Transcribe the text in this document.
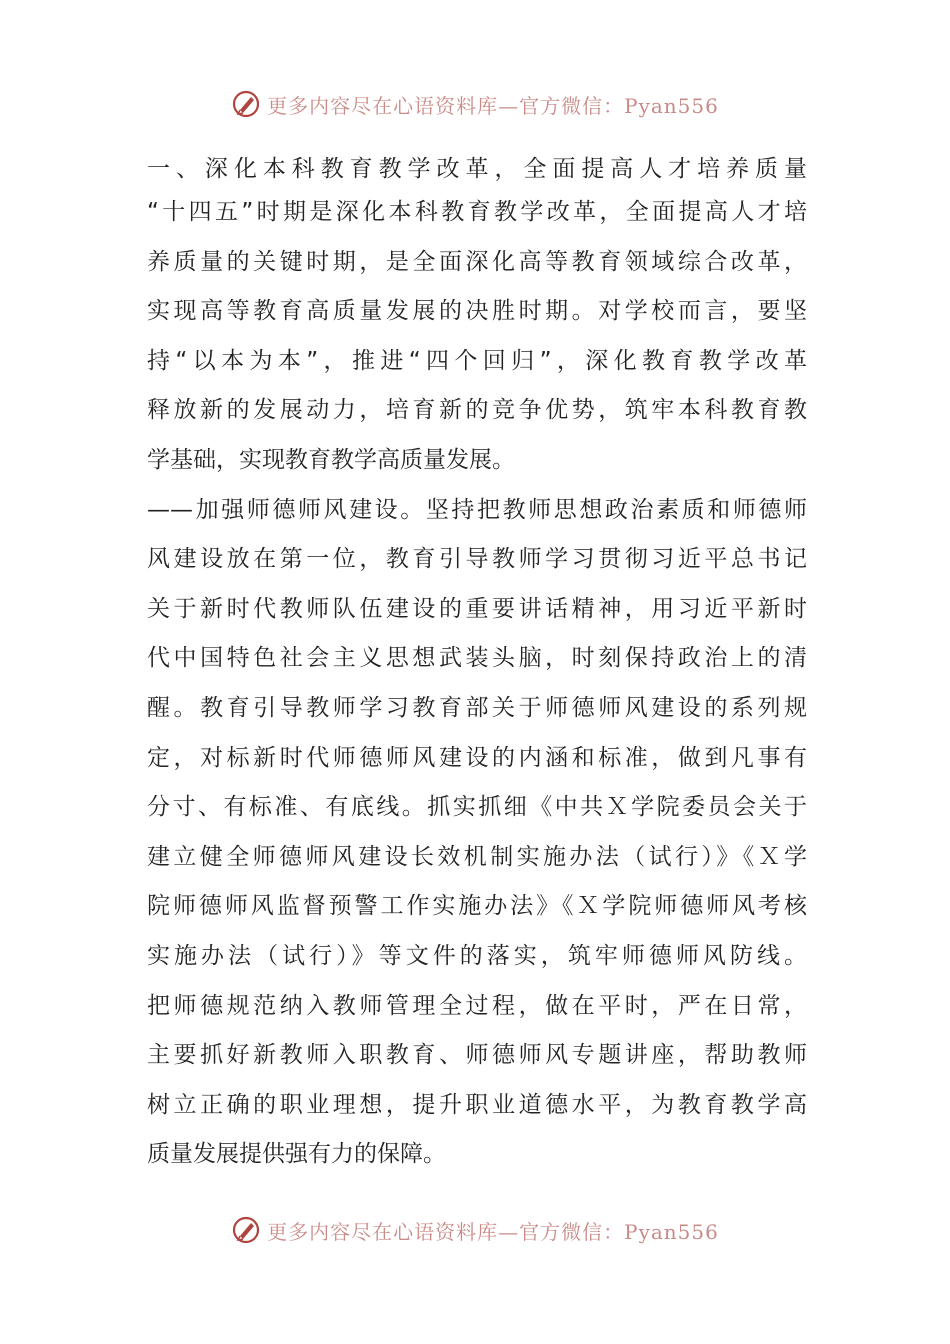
更多内容尽在心语资料库—官方微信：Pyan556
一、深化本科教育教学改革，全面提高人才培养质量
“十四五”时期是深化本科教育教学改革，全面提高人才培
养质量的关键时期，是全面深化高等教育领域综合改革，
实现高等教育高质量发展的决胜时期。对学校而言，要坚
持“以本为本”，推进“四个回归”，深化教育教学改革
释放新的发展动力，培育新的竞争优势，筑牢本科教育教
学基础，实现教育教学高质量发展。
——加强师德师风建设。坚持把教师思想政治素质和师德师
风建设放在第一位，教育引导教师学习贯彻习近平总书记
关于新时代教师队伍建设的重要讲话精神，用习近平新时
代中国特色社会主义思想武装头脑，时刻保持政治上的清
醒。教育引导教师学习教育部关于师德师风建设的系列规
定，对标新时代师德师风建设的内涵和标准，做到凡事有
分寸、有标准、有底线。抓实抓细《中共Ｘ学院委员会关于
建立健全师德师风建设长效机制实施办法（试行）》《Ｘ学
院师德师风监督预警工作实施办法》《Ｘ学院师德师风考核
实施办法（试行）》等文件的落实，筑牢师德师风防线。
把师德规范纳入教师管理全过程，做在平时，严在日常，
主要抓好新教师入职教育、师德师风专题讲座，帮助教师
树立正确的职业理想，提升职业道德水平，为教育教学高
质量发展提供强有力的保障。
更多内容尽在心语资料库—官方微信：Pyan556
